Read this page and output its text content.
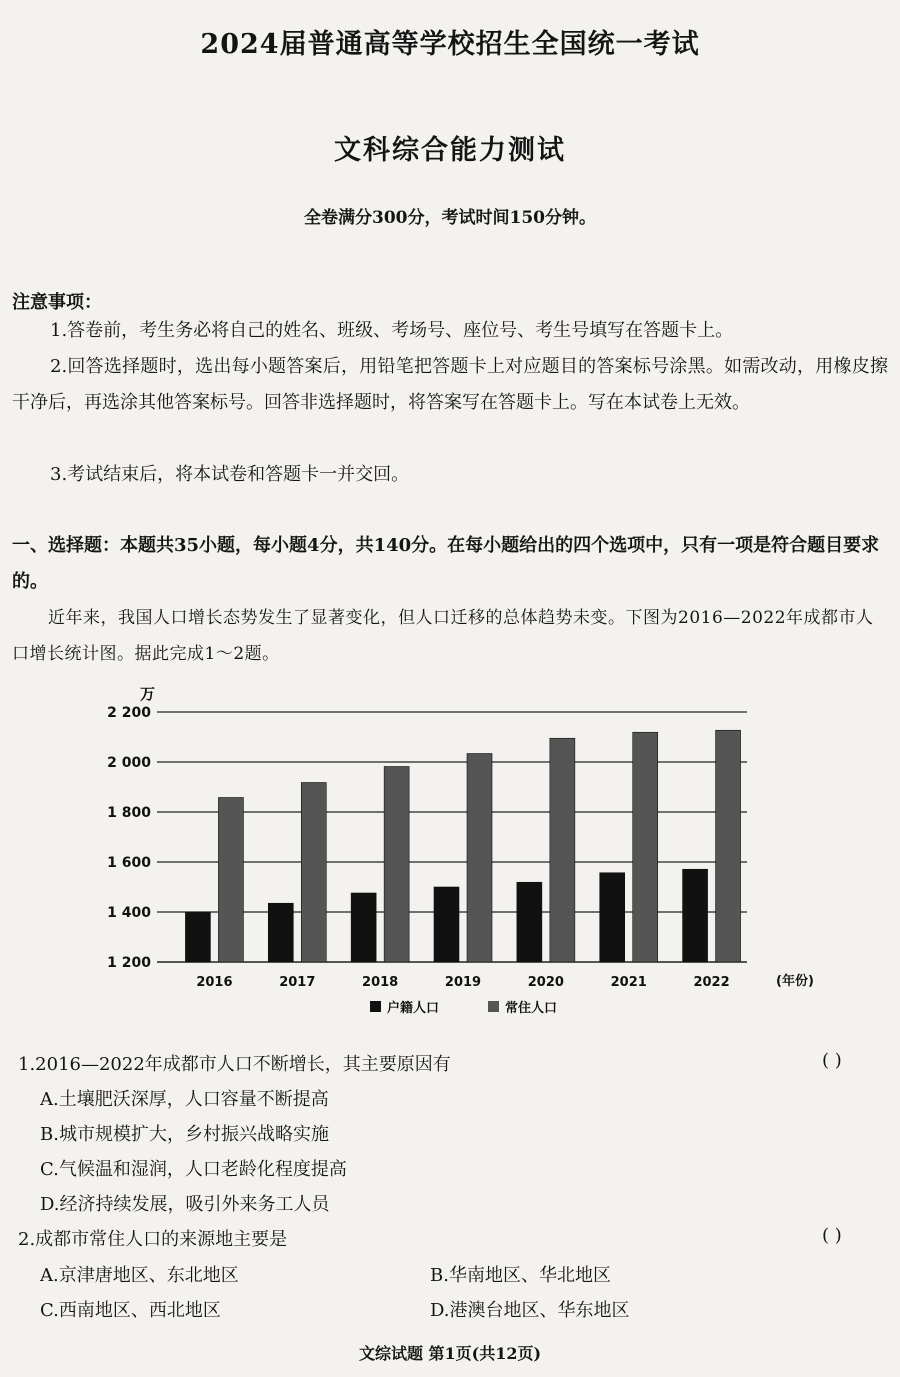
2024届普通高等学校招生全国统一考试
文科综合能力测试
全卷满分300分，考试时间150分钟。
注意事项：
1.答卷前，考生务必将自己的姓名、班级、考场号、座位号、考生号填写在答题卡上。
2.回答选择题时，选出每小题答案后，用铅笔把答题卡上对应题目的答案标号涂黑。如需改动，用橡皮擦干净后，再选涂其他答案标号。回答非选择题时，将答案写在答题卡上。写在本试卷上无效。
3.考试结束后，将本试卷和答题卡一并交回。
一、选择题：本题共35小题，每小题4分，共140分。在每小题给出的四个选项中，只有一项是符合题目要求的。
近年来，我国人口增长态势发生了显著变化，但人口迁移的总体趋势未变。下图为2016—2022年成都市人口增长统计图。据此完成1～2题。
万
1 200
1 400
1 600
1 800
2 000
2 200
2016	2017	2018	2019	2020	2021	2022	(年份)
户籍人口	常住人口
1.2016—2022年成都市人口不断增长，其主要原因有	( )
A.土壤肥沃深厚，人口容量不断提高
B.城市规模扩大，乡村振兴战略实施
C.气候温和湿润，人口老龄化程度提高
D.经济持续发展，吸引外来务工人员
2.成都市常住人口的来源地主要是	( )
A.京津唐地区、东北地区	B.华南地区、华北地区
C.西南地区、西北地区	D.港澳台地区、华东地区
文综试题 第1页(共12页)
